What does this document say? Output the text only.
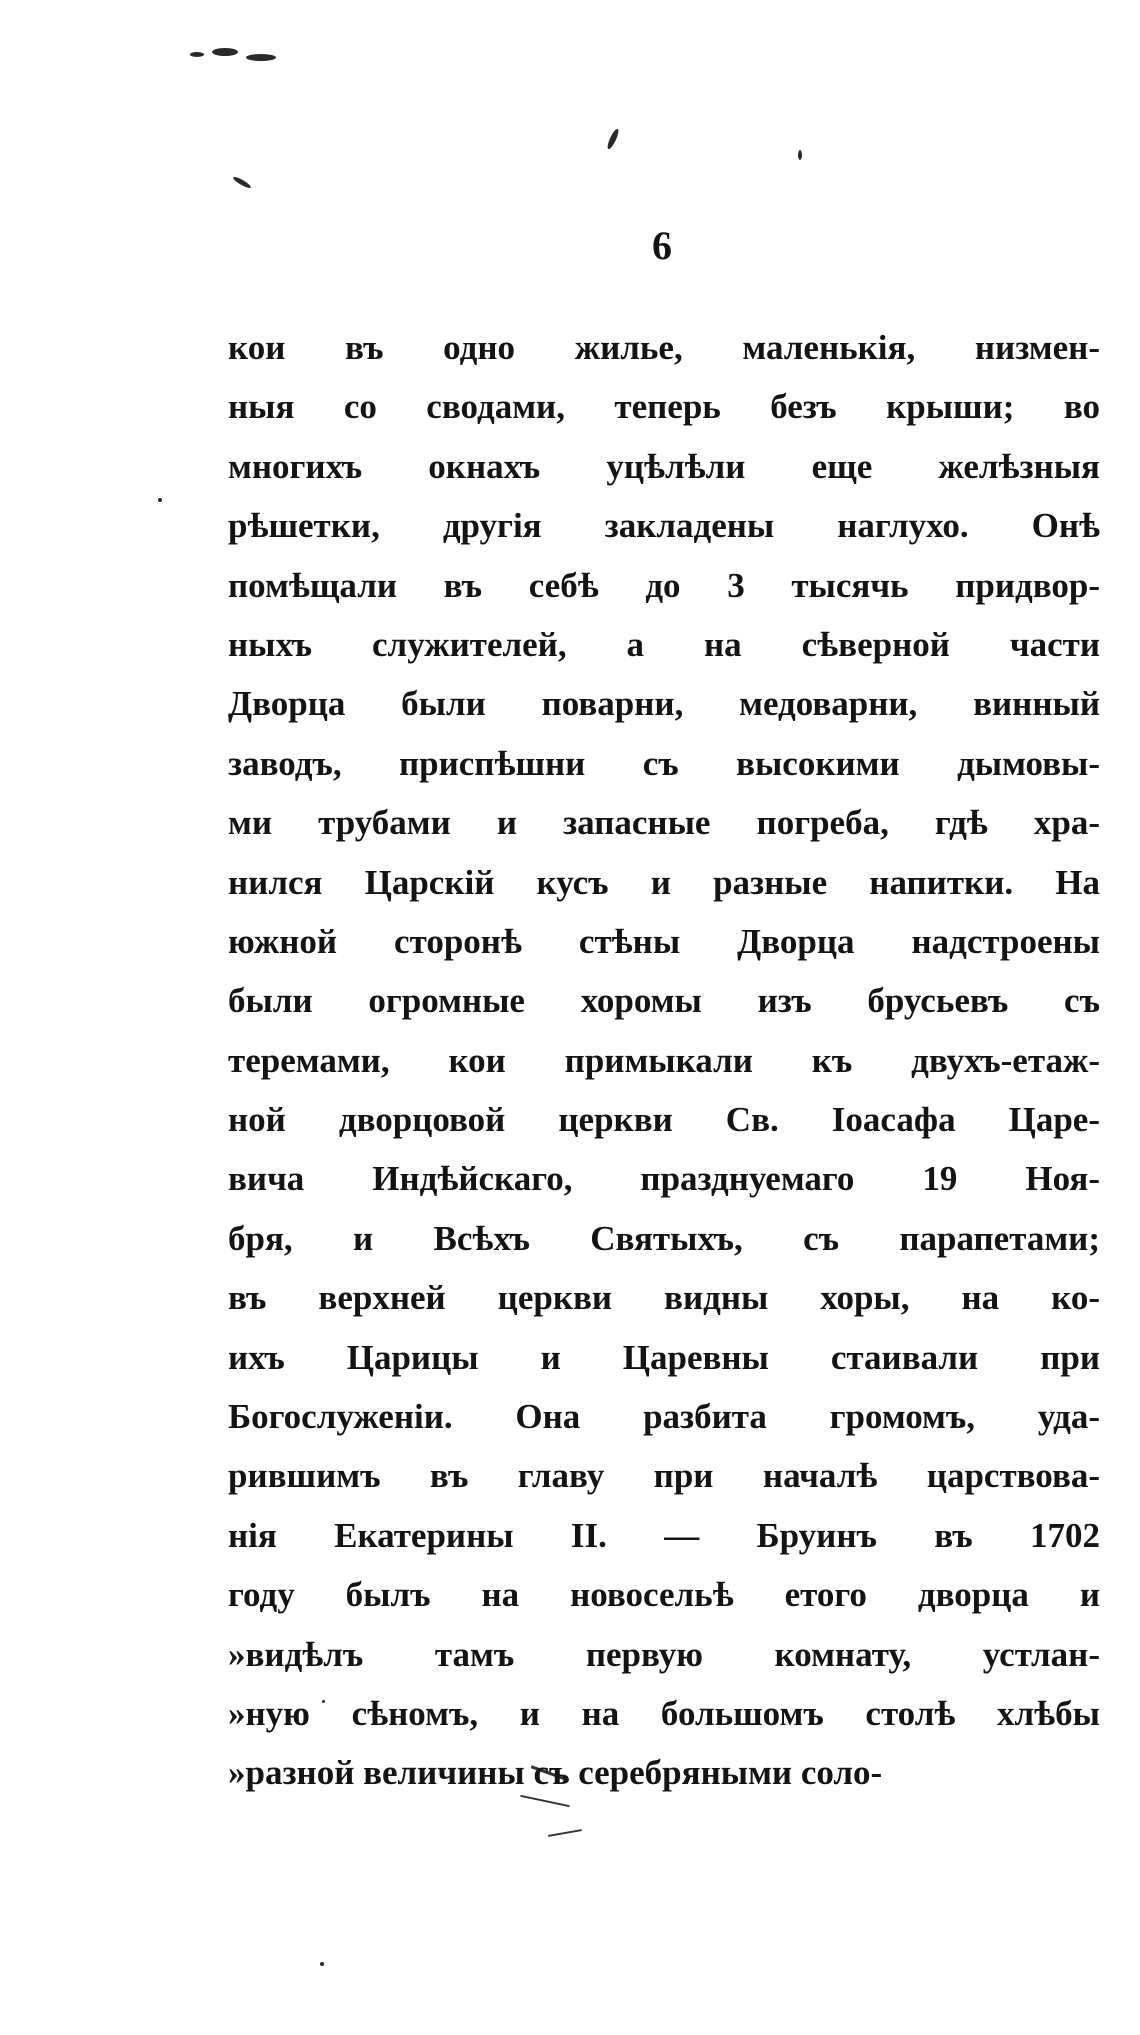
6
кои въ одно жилье, маленькія, низмен-
ныя со сводами, теперь безъ крыши; во
многихъ окнахъ уцѣлѣли еще желѣзныя
рѣшетки, другія закладены наглухо. Онѣ
помѣщали въ себѣ до 3 тысячь придвор-
ныхъ служителей, а на сѣверной части
Дворца были поварни, медоварни, винный
заводъ, приспѣшни съ высокими дымовы-
ми трубами и запасные погреба, гдѣ хра-
нился Царскій кусъ и разные напитки. На
южной сторонѣ стѣны Дворца надстроены
были огромные хоромы изъ брусьевъ съ
теремами, кои примыкали къ двухъ-етаж-
ной дворцовой церкви Св. Іоасафа Царе-
вича Индѣйскаго, празднуемаго 19 Ноя-
бря, и Всѣхъ Святыхъ, съ парапетами;
въ верхней церкви видны хоры, на ко-
ихъ Царицы и Царевны стаивали при
Богослуженіи. Она разбита громомъ, уда-
рившимъ въ главу при началѣ царствова-
нія Екатерины II. — Бруинъ въ 1702
году былъ на новосельѣ етого дворца и
»видѣлъ тамъ первую комнату, устлан-
»ную сѣномъ, и на большомъ столѣ хлѣбы
»разной величины съ серебряными соло-
